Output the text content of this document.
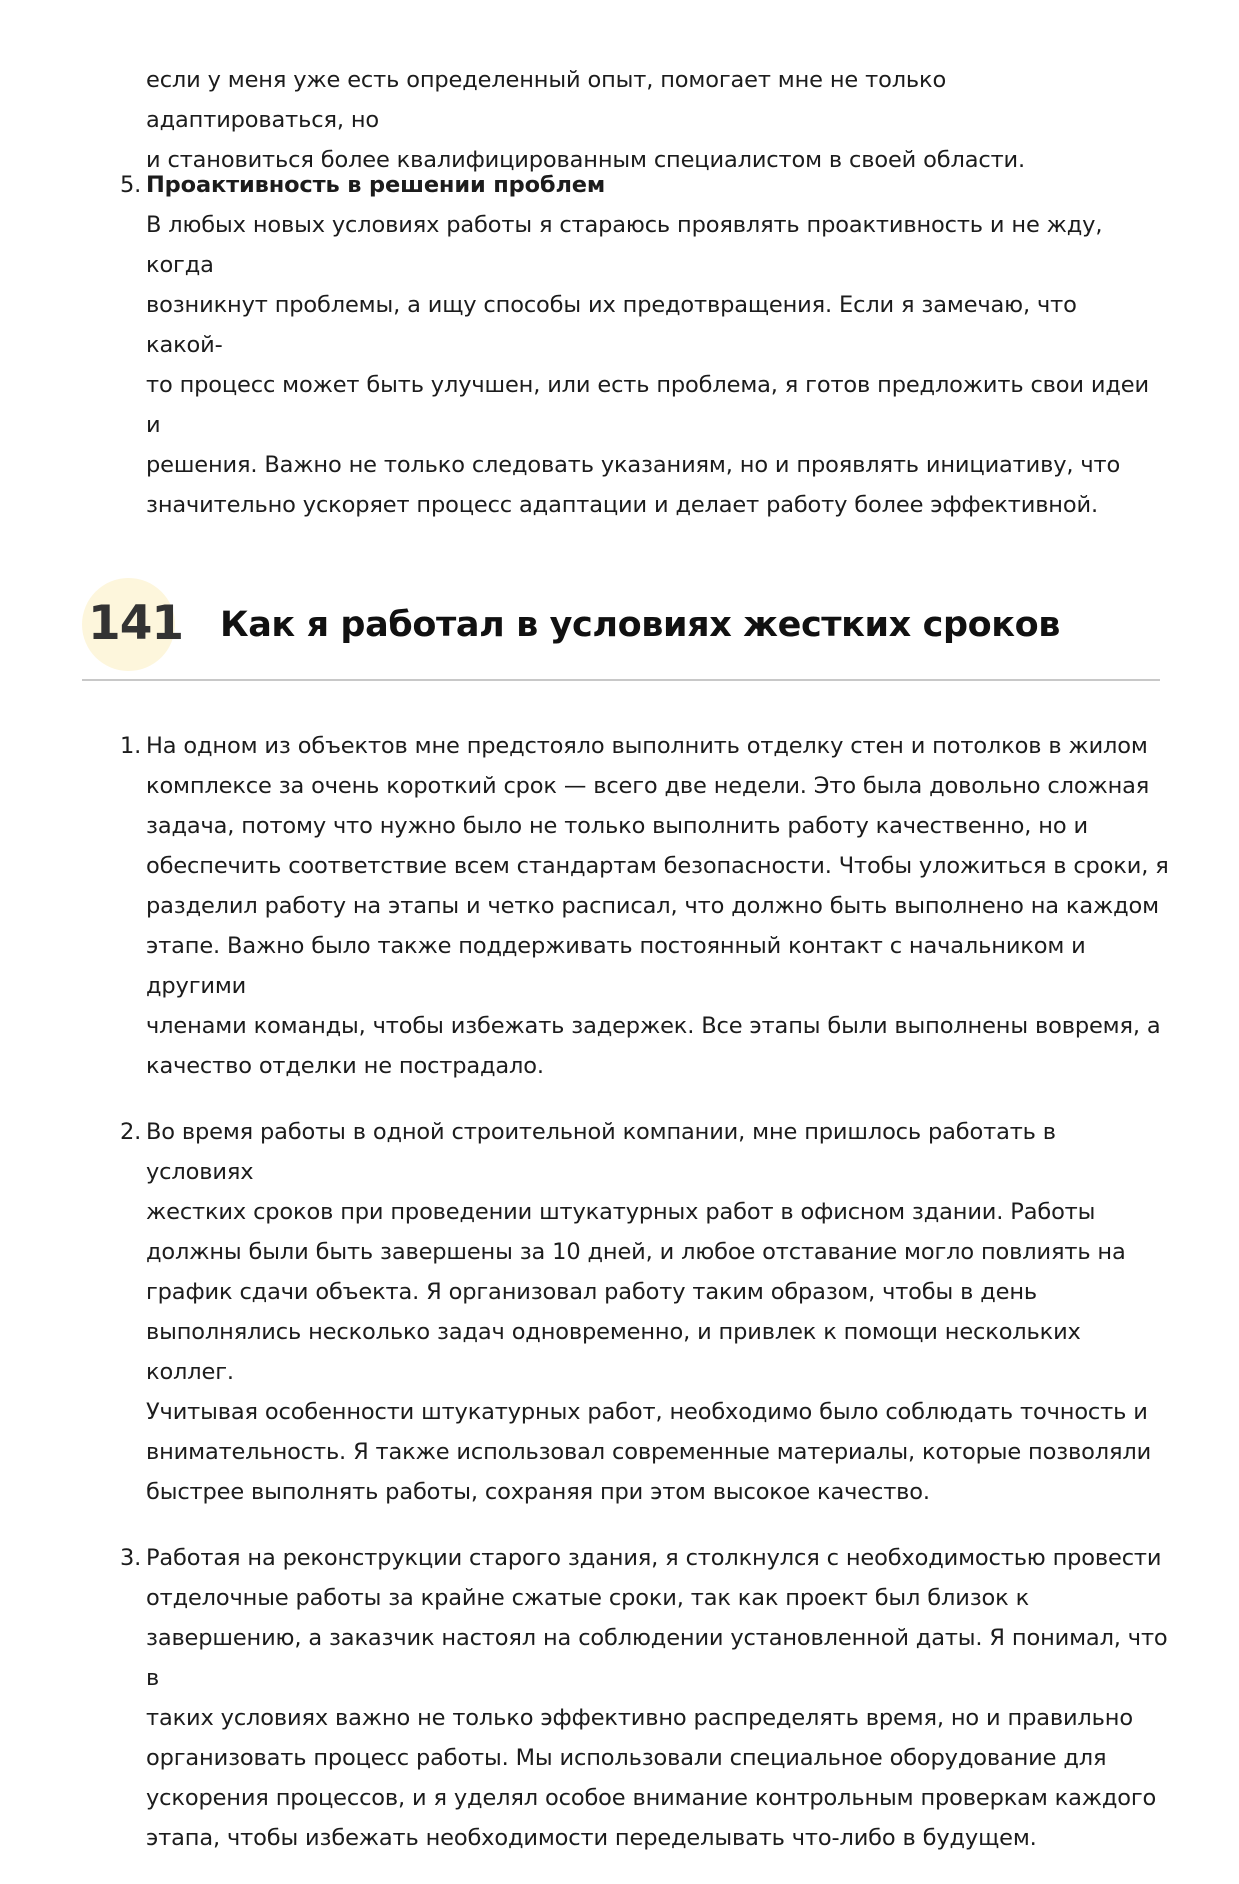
если у меня уже есть определенный опыт, помогает мне не только адаптироваться, но
и становиться более квалифицированным специалистом в своей области.
5. Проактивность в решении проблем
В любых новых условиях работы я стараюсь проявлять проактивность и не жду, когда
возникнут проблемы, а ищу способы их предотвращения. Если я замечаю, что какой-
то процесс может быть улучшен, или есть проблема, я готов предложить свои идеи и
решения. Важно не только следовать указаниям, но и проявлять инициативу, что
значительно ускоряет процесс адаптации и делает работу более эффективной.
141 Как я работал в условиях жестких сроков
1. На одном из объектов мне предстояло выполнить отделку стен и потолков в жилом
комплексе за очень короткий срок — всего две недели. Это была довольно сложная
задача, потому что нужно было не только выполнить работу качественно, но и
обеспечить соответствие всем стандартам безопасности. Чтобы уложиться в сроки, я
разделил работу на этапы и четко расписал, что должно быть выполнено на каждом
этапе. Важно было также поддерживать постоянный контакт с начальником и другими
членами команды, чтобы избежать задержек. Все этапы были выполнены вовремя, а
качество отделки не пострадало.
2. Во время работы в одной строительной компании, мне пришлось работать в условиях
жестких сроков при проведении штукатурных работ в офисном здании. Работы
должны были быть завершены за 10 дней, и любое отставание могло повлиять на
график сдачи объекта. Я организовал работу таким образом, чтобы в день
выполнялись несколько задач одновременно, и привлек к помощи нескольких коллег.
Учитывая особенности штукатурных работ, необходимо было соблюдать точность и
внимательность. Я также использовал современные материалы, которые позволяли
быстрее выполнять работы, сохраняя при этом высокое качество.
3. Работая на реконструкции старого здания, я столкнулся с необходимостью провести
отделочные работы за крайне сжатые сроки, так как проект был близок к
завершению, а заказчик настоял на соблюдении установленной даты. Я понимал, что в
таких условиях важно не только эффективно распределять время, но и правильно
организовать процесс работы. Мы использовали специальное оборудование для
ускорения процессов, и я уделял особое внимание контрольным проверкам каждого
этапа, чтобы избежать необходимости переделывать что-либо в будущем.
